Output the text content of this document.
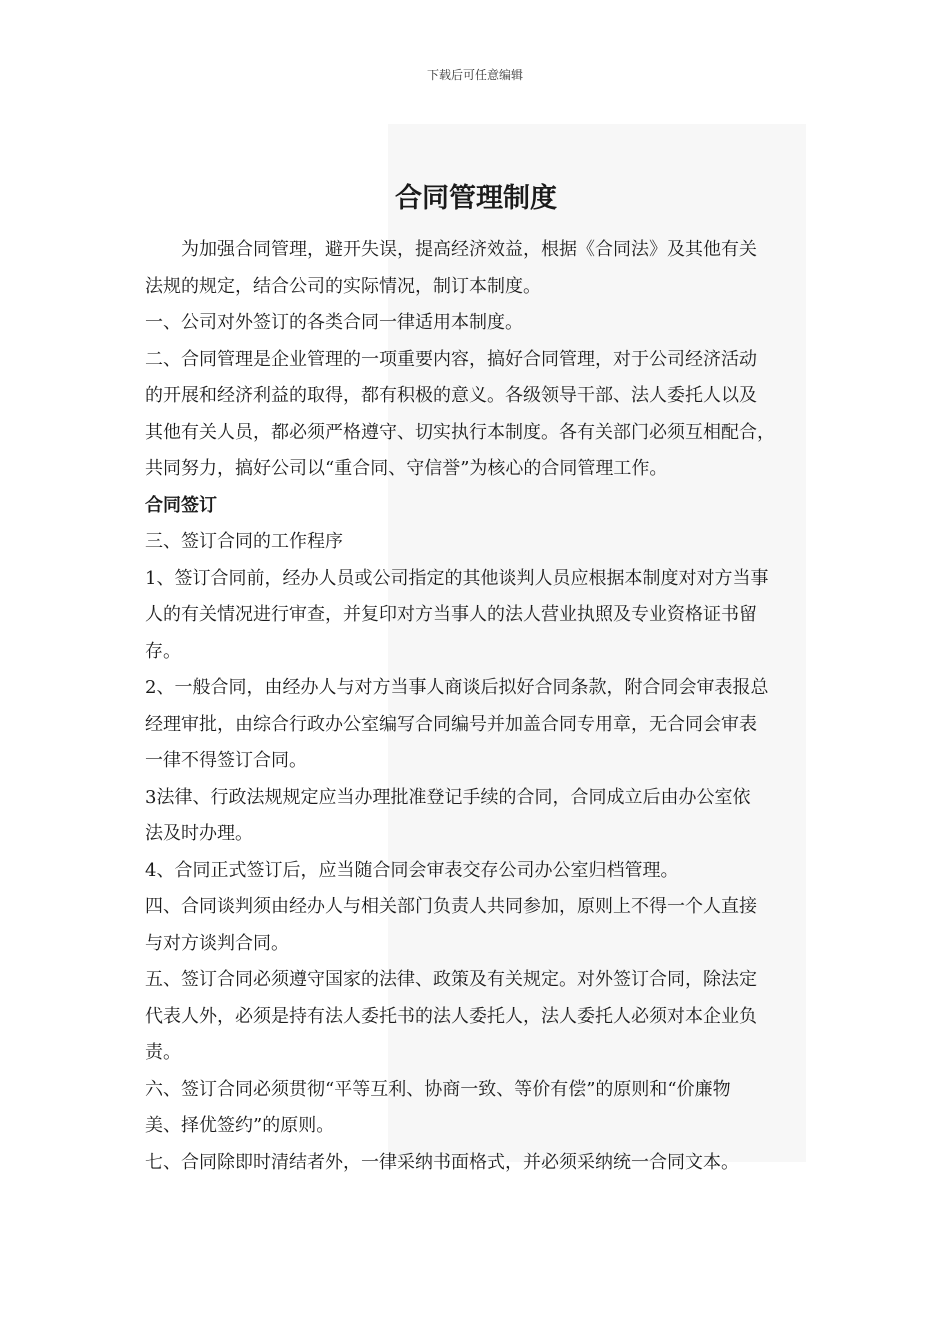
下载后可任意编辑
合同管理制度

为加强合同管理，避开失误，提高经济效益，根据《合同法》及其他有关

法规的规定，结合公司的实际情况，制订本制度。

一、公司对外签订的各类合同一律适用本制度。

二、合同管理是企业管理的一项重要内容，搞好合同管理，对于公司经济活动

的开展和经济利益的取得，都有积极的意义。各级领导干部、法人委托人以及

其他有关人员，都必须严格遵守、切实执行本制度。各有关部门必须互相配合，

共同努力，搞好公司以“重合同、守信誉”为核心的合同管理工作。

合同签订

三、签订合同的工作程序

1、签订合同前，经办人员或公司指定的其他谈判人员应根据本制度对对方当事

人的有关情况进行审查，并复印对方当事人的法人营业执照及专业资格证书留

存。

2、一般合同，由经办人与对方当事人商谈后拟好合同条款，附合同会审表报总

经理审批，由综合行政办公室编写合同编号并加盖合同专用章，无合同会审表

一律不得签订合同。

3法律、行政法规规定应当办理批准登记手续的合同，合同成立后由办公室依

法及时办理。

4、合同正式签订后，应当随合同会审表交存公司办公室归档管理。

四、合同谈判须由经办人与相关部门负责人共同参加，原则上不得一个人直接

与对方谈判合同。

五、签订合同必须遵守国家的法律、政策及有关规定。对外签订合同，除法定

代表人外，必须是持有法人委托书的法人委托人，法人委托人必须对本企业负

责。

六、签订合同必须贯彻“平等互利、协商一致、等价有偿”的原则和“价廉物

美、择优签约”的原则。

七、合同除即时清结者外，一律采纳书面格式，并必须采纳统一合同文本。
